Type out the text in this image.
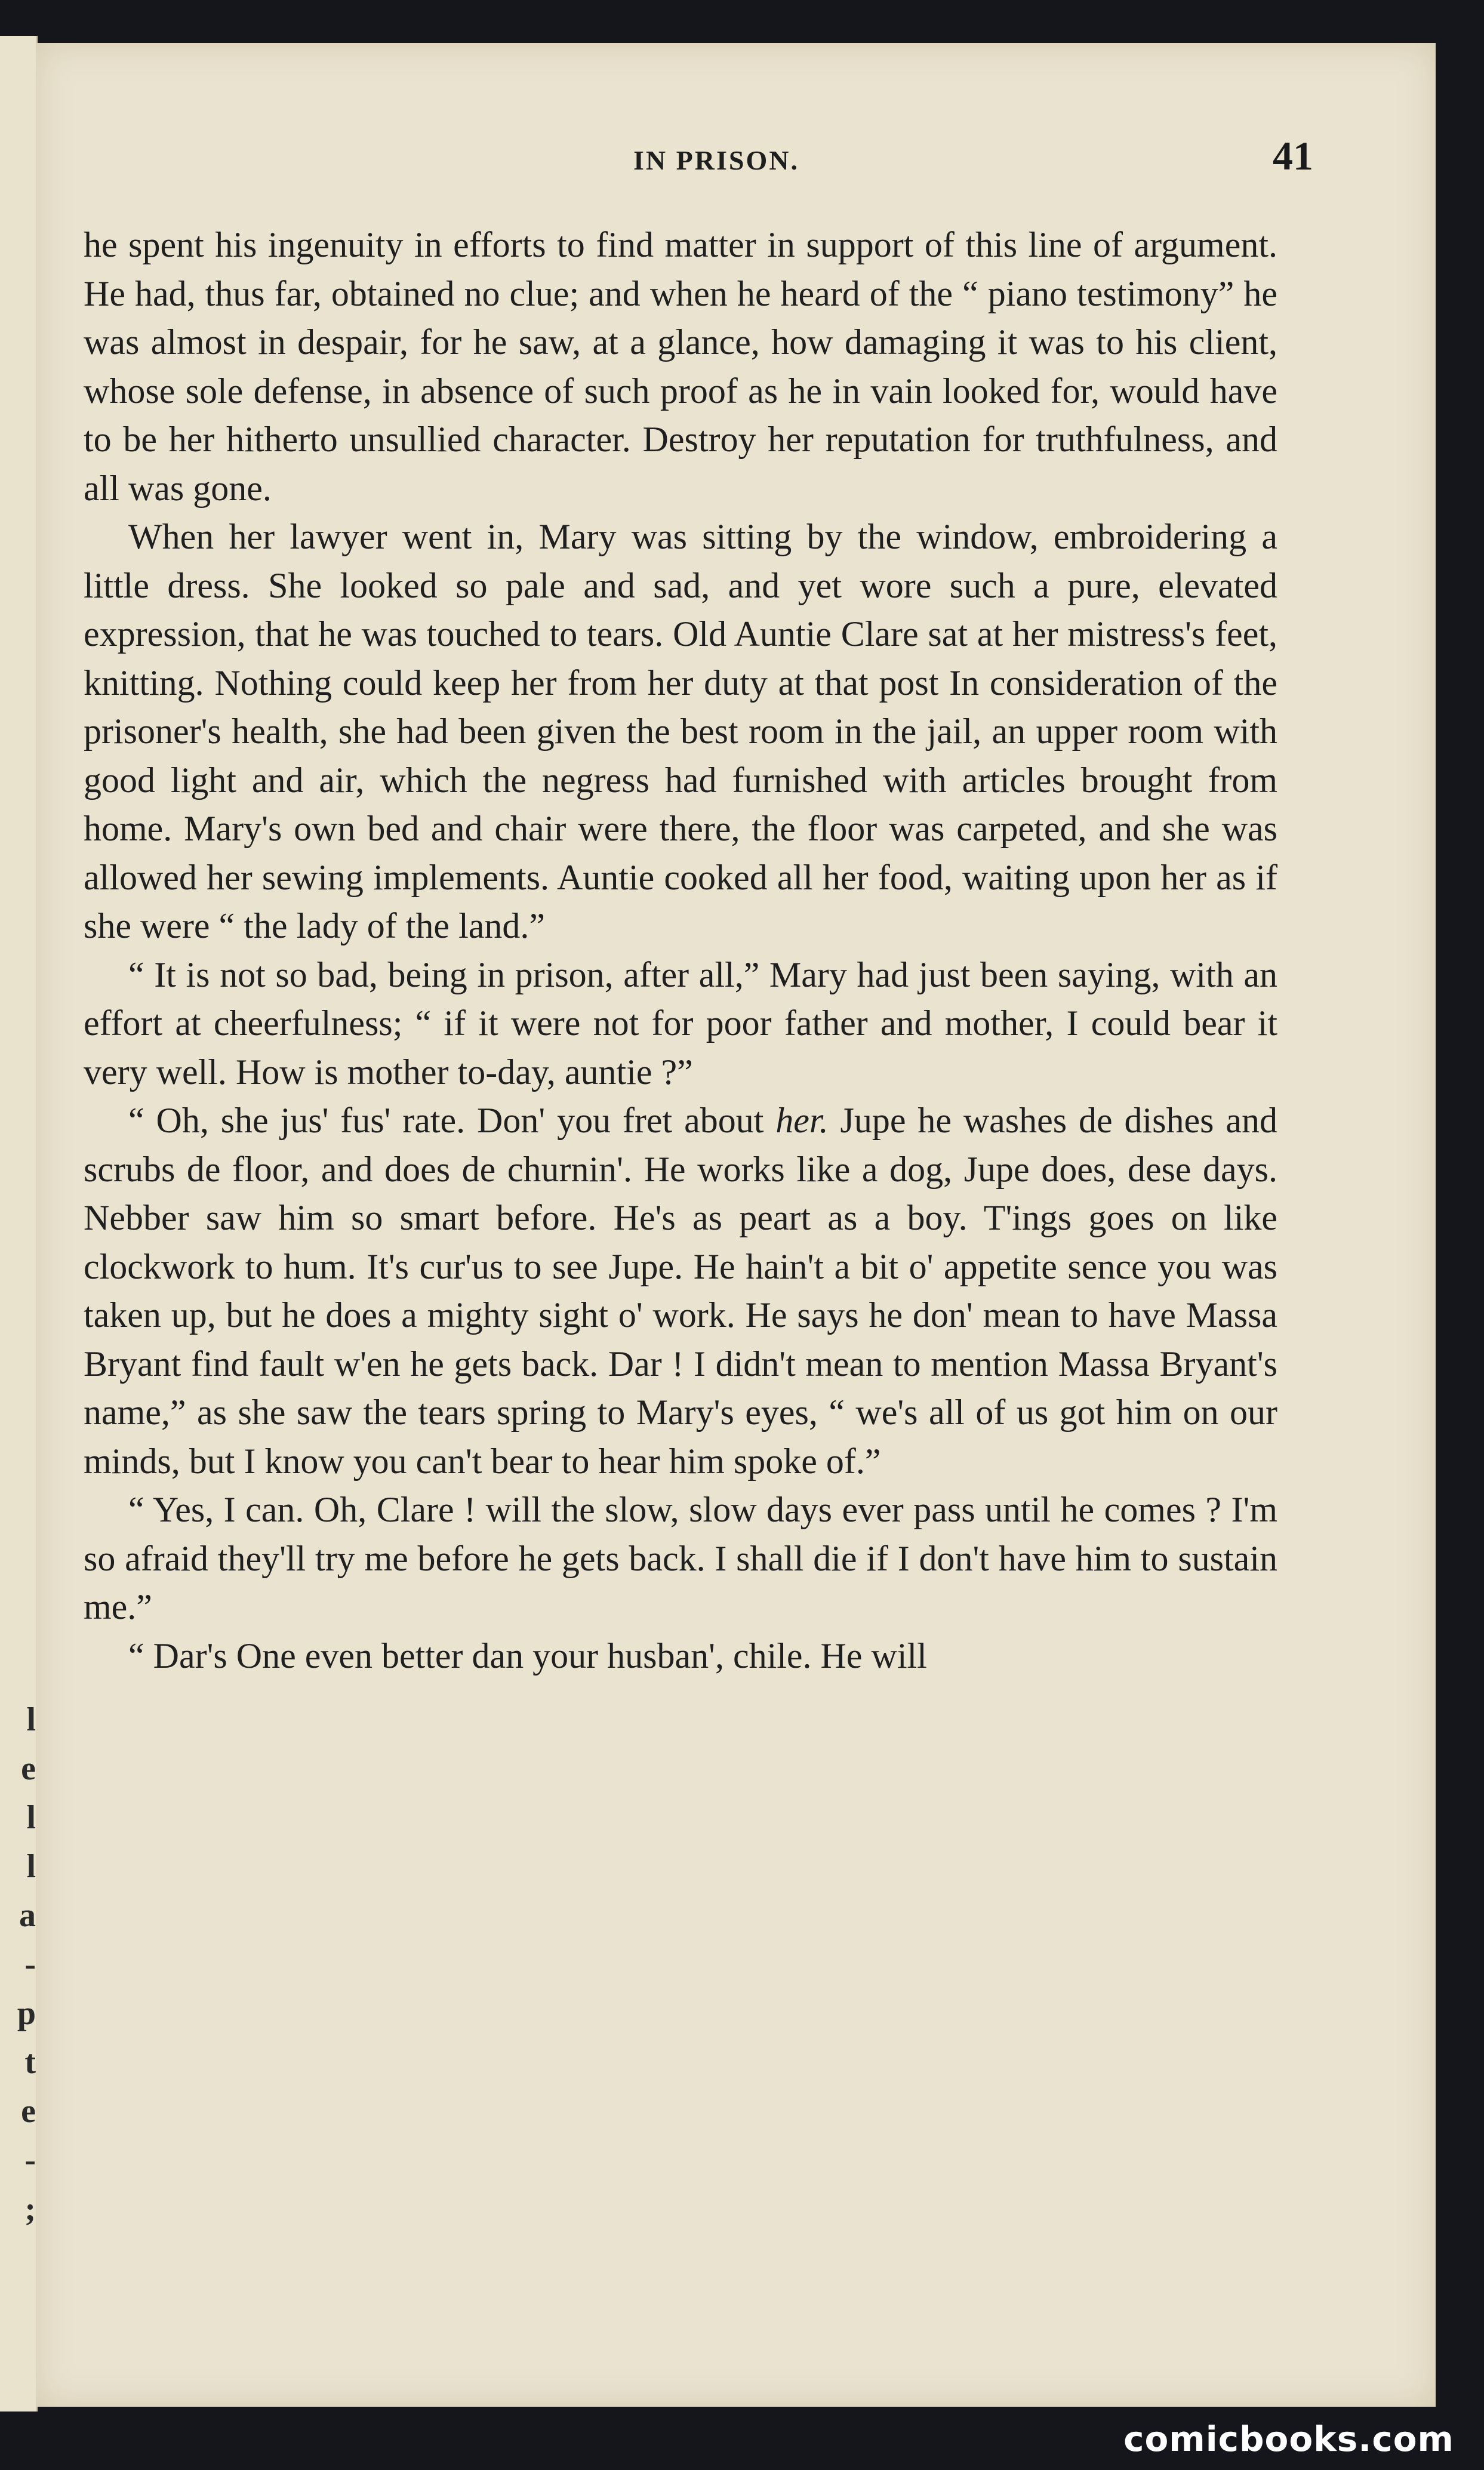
l
e
l
l
a
-
p
t
e
-
;
IN PRISON.	41

he spent his ingenuity in efforts to find matter in support of this line of argument. He had, thus far, obtained no clue; and when he heard of the “ piano testimony” he was almost in despair, for he saw, at a glance, how damaging it was to his client, whose sole defense, in absence of such proof as he in vain looked for, would have to be her hitherto unsullied character. Destroy her reputation for truthfulness, and all was gone.

When her lawyer went in, Mary was sitting by the window, embroidering a little dress. She looked so pale and sad, and yet wore such a pure, elevated expression, that he was touched to tears. Old Auntie Clare sat at her mistress's feet, knitting. Nothing could keep her from her duty at that post In consideration of the prisoner's health, she had been given the best room in the jail, an upper room with good light and air, which the negress had furnished with articles brought from home. Mary's own bed and chair were there, the floor was carpeted, and she was allowed her sewing implements. Auntie cooked all her food, waiting upon her as if she were “ the lady of the land.”

“ It is not so bad, being in prison, after all,” Mary had just been saying, with an effort at cheerfulness; “ if it were not for poor father and mother, I could bear it very well. How is mother to-day, auntie ?”

“ Oh, she jus' fus' rate. Don' you fret about her. Jupe he washes de dishes and scrubs de floor, and does de churnin'. He works like a dog, Jupe does, dese days. Nebber saw him so smart before. He's as peart as a boy. T'ings goes on like clockwork to hum. It's cur'us to see Jupe. He hain't a bit o' appetite sence you was taken up, but he does a mighty sight o' work. He says he don' mean to have Massa Bryant find fault w'en he gets back. Dar ! I didn't mean to mention Massa Bryant's name,” as she saw the tears spring to Mary's eyes, “ we's all of us got him on our minds, but I know you can't bear to hear him spoke of.”

“ Yes, I can. Oh, Clare ! will the slow, slow days ever pass until he comes ? I'm so afraid they'll try me before he gets back. I shall die if I don't have him to sustain me.”

“ Dar's One even better dan your husban', chile. He will

comicbooks.com
